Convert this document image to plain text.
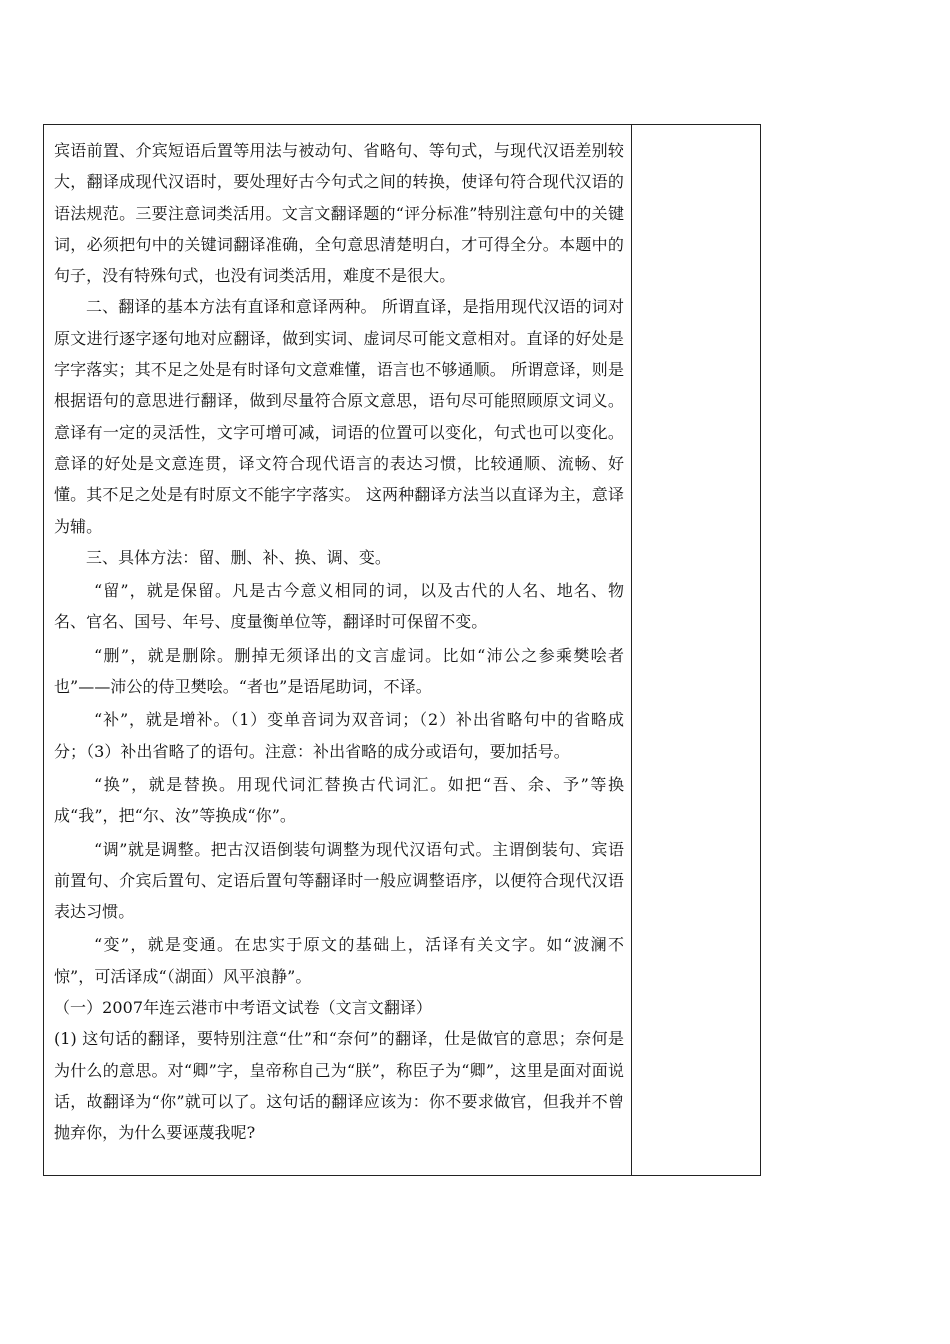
宾语前置、介宾短语后置等用法与被动句、省略句、等句式，与现代汉语差别较大，翻译成现代汉语时，要处理好古今句式之间的转换，使译句符合现代汉语的语法规范。三要注意词类活用。文言文翻译题的“评分标准”特别注意句中的关键词，必须把句中的关键词翻译准确，全句意思清楚明白，才可得全分。本题中的句子，没有特殊句式，也没有词类活用，难度不是很大。

二、翻译的基本方法有直译和意译两种。 所谓直译，是指用现代汉语的词对原文进行逐字逐句地对应翻译，做到实词、虚词尽可能文意相对。直译的好处是字字落实；其不足之处是有时译句文意难懂，语言也不够通顺。 所谓意译，则是根据语句的意思进行翻译，做到尽量符合原文意思，语句尽可能照顾原文词义。意译有一定的灵活性，文字可增可减，词语的位置可以变化，句式也可以变化。意译的好处是文意连贯，译文符合现代语言的表达习惯，比较通顺、流畅、好懂。其不足之处是有时原文不能字字落实。 这两种翻译方法当以直译为主，意译为辅。

三、具体方法：留、删、补、换、调、变。

“留”，就是保留。凡是古今意义相同的词，以及古代的人名、地名、物名、官名、国号、年号、度量衡单位等，翻译时可保留不变。

“删”，就是删除。删掉无须译出的文言虚词。比如“沛公之参乘樊哙者也”——沛公的侍卫樊哙。“者也”是语尾助词，不译。

“补”，就是增补。（1）变单音词为双音词；（2）补出省略句中的省略成分；（3）补出省略了的语句。注意：补出省略的成分或语句，要加括号。

“换”，就是替换。用现代词汇替换古代词汇。如把“吾、余、予”等换成“我”，把“尔、汝”等换成“你”。

“调”就是调整。把古汉语倒装句调整为现代汉语句式。主谓倒装句、宾语前置句、介宾后置句、定语后置句等翻译时一般应调整语序，以便符合现代汉语表达习惯。

“变”，就是变通。在忠实于原文的基础上，活译有关文字。如“波澜不惊”，可活译成“（湖面）风平浪静”。

（一）2007年连云港市中考语文试卷（文言文翻译）

(1) 这句话的翻译，要特别注意“仕”和“奈何”的翻译，仕是做官的意思；奈何是为什么的意思。对“卿”字，皇帝称自己为“朕”，称臣子为“卿”，这里是面对面说话，故翻译为“你”就可以了。这句话的翻译应该为：你不要求做官，但我并不曾抛弃你，为什么要诬蔑我呢?
